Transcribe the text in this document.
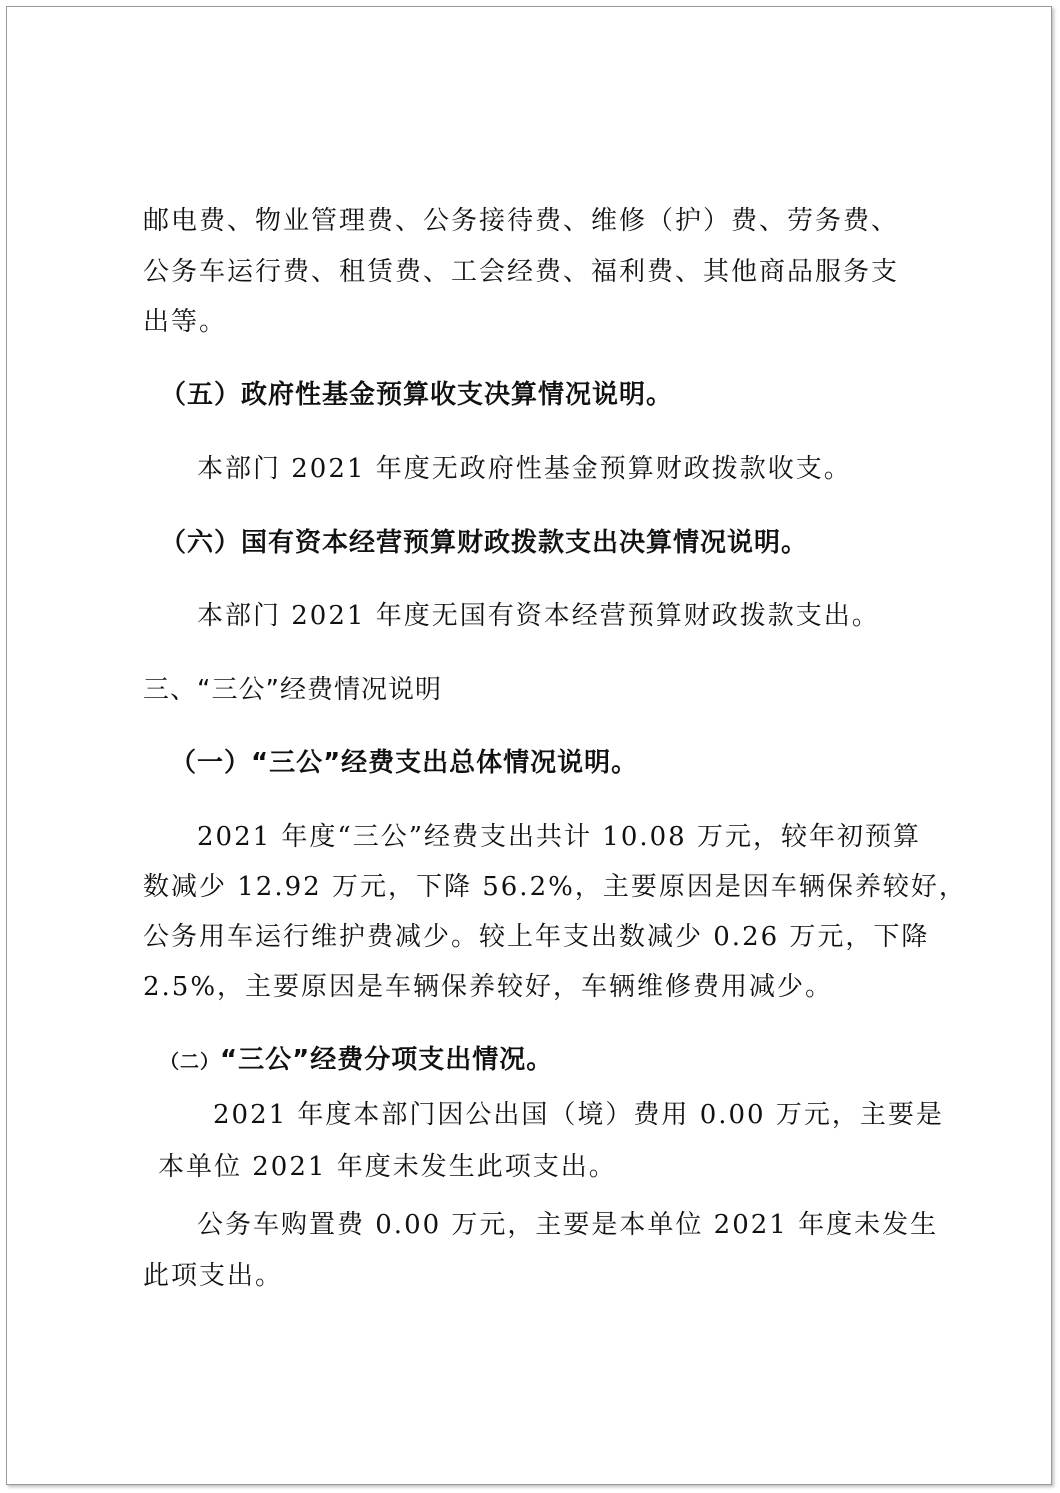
邮电费、物业管理费、公务接待费、维修（护）费、劳务费、
公务车运行费、租赁费、工会经费、福利费、其他商品服务支
出等。
（五）政府性基金预算收支决算情况说明。
本部门 2021 年度无政府性基金预算财政拨款收支。
（六）国有资本经营预算财政拨款支出决算情况说明。
本部门 2021 年度无国有资本经营预算财政拨款支出。
三、“三公”经费情况说明
（一）“三公”经费支出总体情况说明。
2021 年度“三公”经费支出共计 10.08 万元，较年初预算
数减少 12.92 万元，下降 56.2%，主要原因是因车辆保养较好，
公务用车运行维护费减少。较上年支出数减少 0.26 万元，下降
2.5%，主要原因是车辆保养较好，车辆维修费用减少。
（二）“三公”经费分项支出情况。
2021 年度本部门因公出国（境）费用 0.00 万元，主要是
本单位 2021 年度未发生此项支出。
公务车购置费 0.00 万元，主要是本单位 2021 年度未发生
此项支出。
